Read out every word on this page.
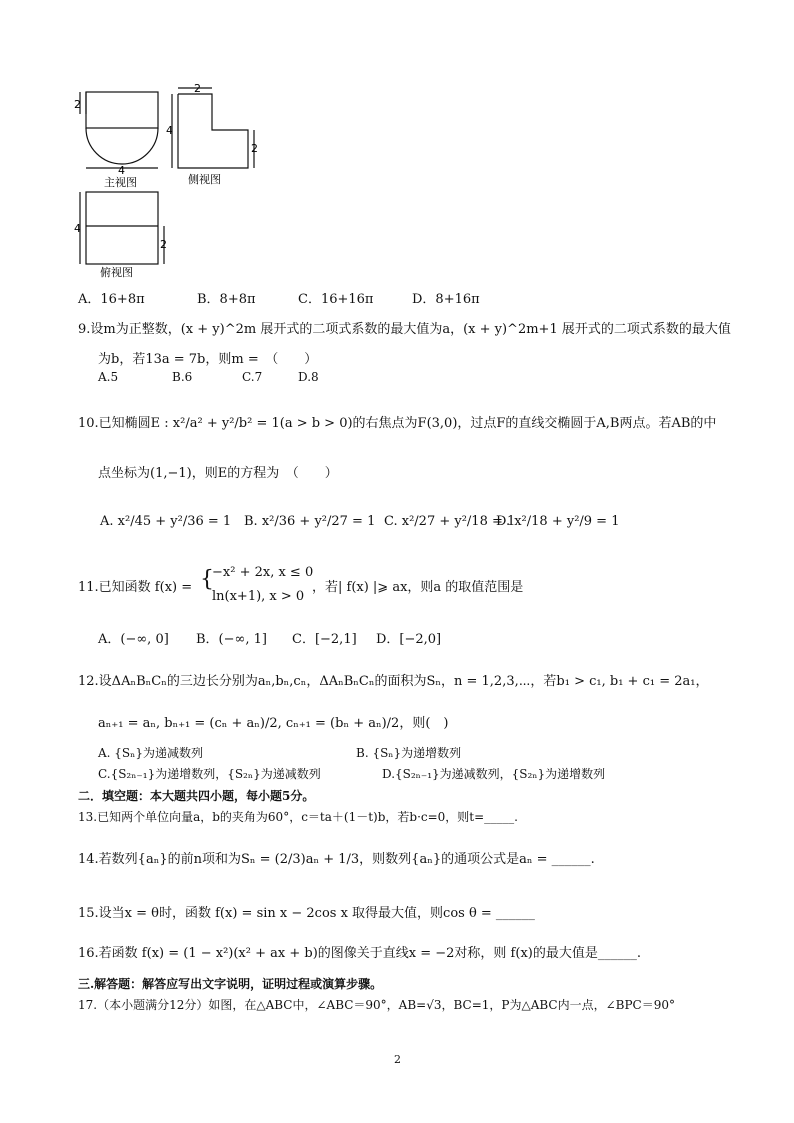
2
4
主视图
2
4
2
侧视图
4
2
俯视图
A．16+8π	B．8+8π	C．16+16π	D．8+16π
9.设m为正整数，(x + y)^2m 展开式的二项式系数的最大值为a，(x + y)^2m+1 展开式的二项式系数的最大值
为b，若13a = 7b，则m =　（　　）
A.5	B.6	C.7	D.8
10.已知椭圆E : x²/a² + y²/b² = 1(a > b > 0)的右焦点为F(3,0)，过点F的直线交椭圆于A,B两点。若AB的中
点坐标为(1,−1)，则E的方程为　（　　）
A. x²/45 + y²/36 = 1 B. x²/36 + y²/27 = 1 C. x²/27 + y²/18 = 1
D. x²/18 + y²/9 = 1
11.已知函数 f(x) = {
−x² + 2x, x ≤ 0
ln(x+1), x > 0
，若| f(x) |⩾ ax，则a 的取值范围是
A．(−∞, 0] B．(−∞, 1] C．[−2,1] D．[−2,0]
12.设ΔAₙBₙCₙ的三边长分别为aₙ,bₙ,cₙ，ΔAₙBₙCₙ的面积为Sₙ，n = 1,2,3,⋯，若b₁ > c₁, b₁ + c₁ = 2a₁，
aₙ₊₁ = aₙ, bₙ₊₁ = (cₙ + aₙ)/2, cₙ₊₁ = (bₙ + aₙ)/2，则(　)
A. {Sₙ}为递减数列	B. {Sₙ}为递增数列
C.{S₂ₙ₋₁}为递增数列，{S₂ₙ}为递减数列	D.{S₂ₙ₋₁}为递减数列，{S₂ₙ}为递增数列
二．填空题：本大题共四小题，每小题5分。
13.已知两个单位向量a，b的夹角为60°，c＝ta＋(1－t)b，若b·c=0，则t=_____.
14.若数列{aₙ}的前n项和为Sₙ = (2/3)aₙ + 1/3，则数列{aₙ}的通项公式是aₙ = ______.
15.设当x = θ时，函数 f(x) = sin x − 2cos x 取得最大值，则cos θ = ______
16.若函数 f(x) = (1 − x²)(x² + ax + b)的图像关于直线x = −2对称，则 f(x)的最大值是______.
三.解答题：解答应写出文字说明，证明过程或演算步骤。
17.（本小题满分12分）如图，在△ABC中，∠ABC＝90°，AB=√3，BC=1，P为△ABC内一点，∠BPC＝90°
2
